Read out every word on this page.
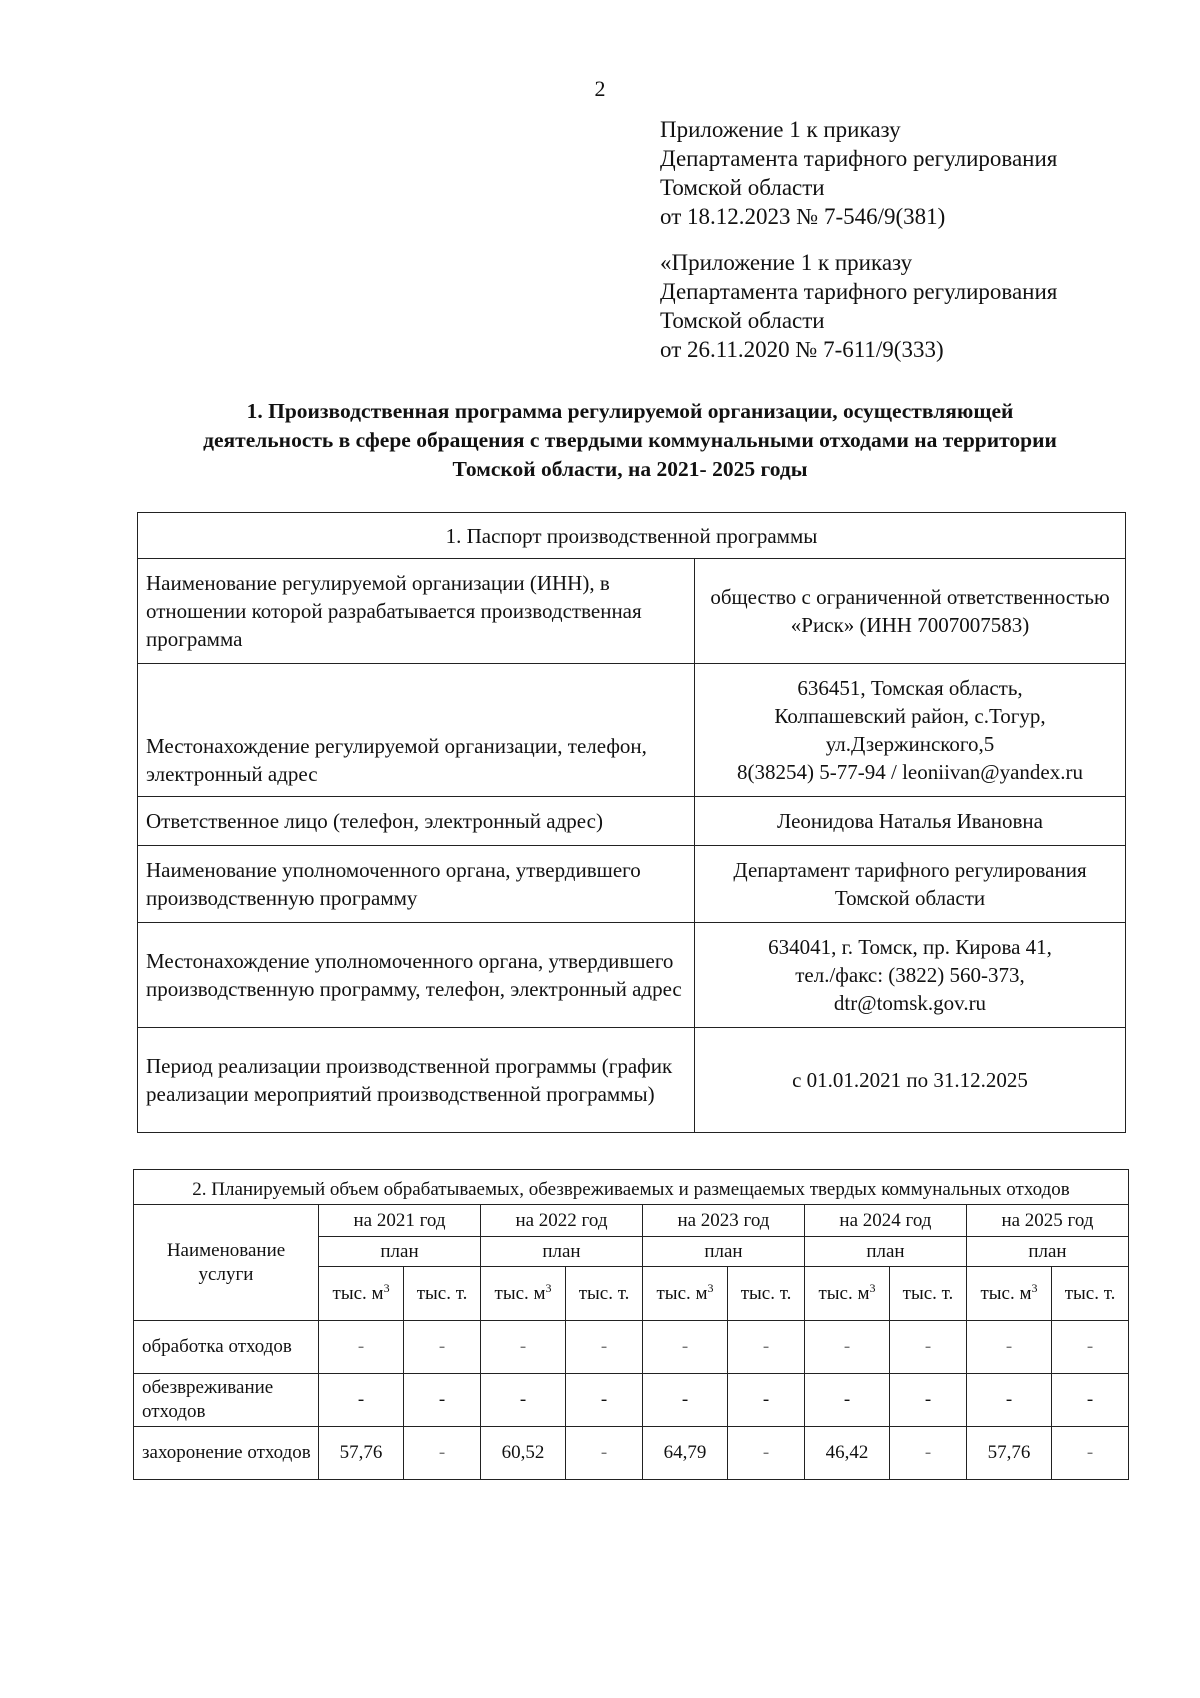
2
Приложение 1 к приказу
Департамента тарифного регулирования
Томской области
от 18.12.2023 № 7-546/9(381)
«Приложение 1 к приказу
Департамента тарифного регулирования
Томской области
от 26.11.2020 № 7-611/9(333)
1. Производственная программа регулируемой организации, осуществляющей
деятельность в сфере обращения с твердыми коммунальными отходами на территории
Томской области, на 2021- 2025 годы
1. Паспорт производственной программы	
Наименование регулируемой организации (ИНН), в отношении которой разрабатывается производственная программа	общество с ограниченной ответственностью «Риск» (ИНН 7007007583)
Местонахождение регулируемой организации, телефон, электронный адрес	636451, Томская область,
Колпашевский район, с.Тогур,
ул.Дзержинского,5
8(38254) 5-77-94 / leoniivan@yandex.ru

Ответственное лицо (телефон, электронный адрес)	Леонидова Наталья Ивановна
Наименование уполномоченного органа, утвердившего производственную программу	Департамент тарифного регулирования
Томской области

Местонахождение уполномоченного органа, утвердившего производственную программу, телефон, электронный адрес	634041, г. Томск, пр. Кирова 41,
тел./факс: (3822) 560-373,
dtr@tomsk.gov.ru

Период реализации производственной программы (график реализации мероприятий производственной программы)	с 01.01.2021 по 31.12.2025
2. Планируемый объем обрабатываемых, обезвреживаемых и размещаемых твердых коммунальных отходов										
Наименование услуги	на 2021 год		на 2022 год		на 2023 год		на 2024 год		на 2025 год	
	план		план		план		план		план	
	тыс. $м^3$	тыс. т.	тыс. $м^3$	тыс. т.	тыс. $м^3$	тыс. т.	тыс. $м^3$	тыс. т.	тыс. $м^3$	тыс. т.
обработка отходов	-	-	-	-	-	-	-	-	-	-
обезвреживание отходов	-	-	-	-	-	-	-	-	-	-
захоронение отходов	57,76	-	60,52	-	64,79	-	46,42	-	57,76	-
